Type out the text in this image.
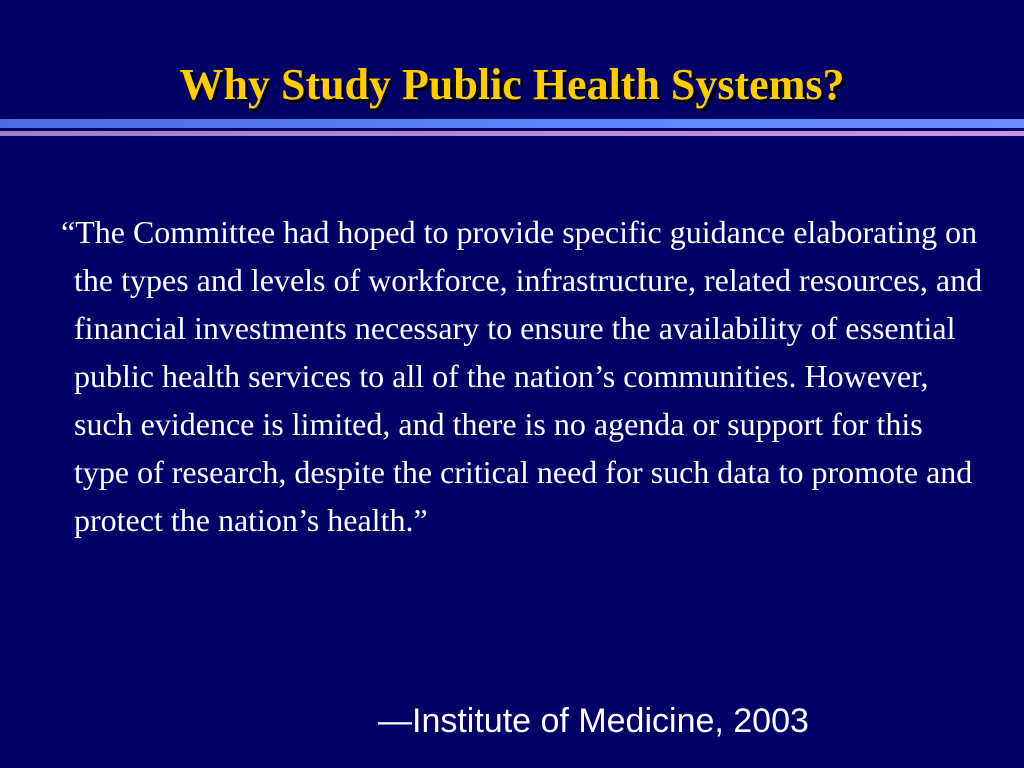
Why Study Public Health Systems?

“The Committee had hoped to provide specific guidance elaborating on the types and levels of workforce, infrastructure, related resources, and financial investments necessary to ensure the availability of essential public health services to all of the nation’s communities. However, such evidence is limited, and there is no agenda or support for this type of research, despite the critical need for such data to promote and protect the nation’s health.”

—Institute of Medicine, 2003
